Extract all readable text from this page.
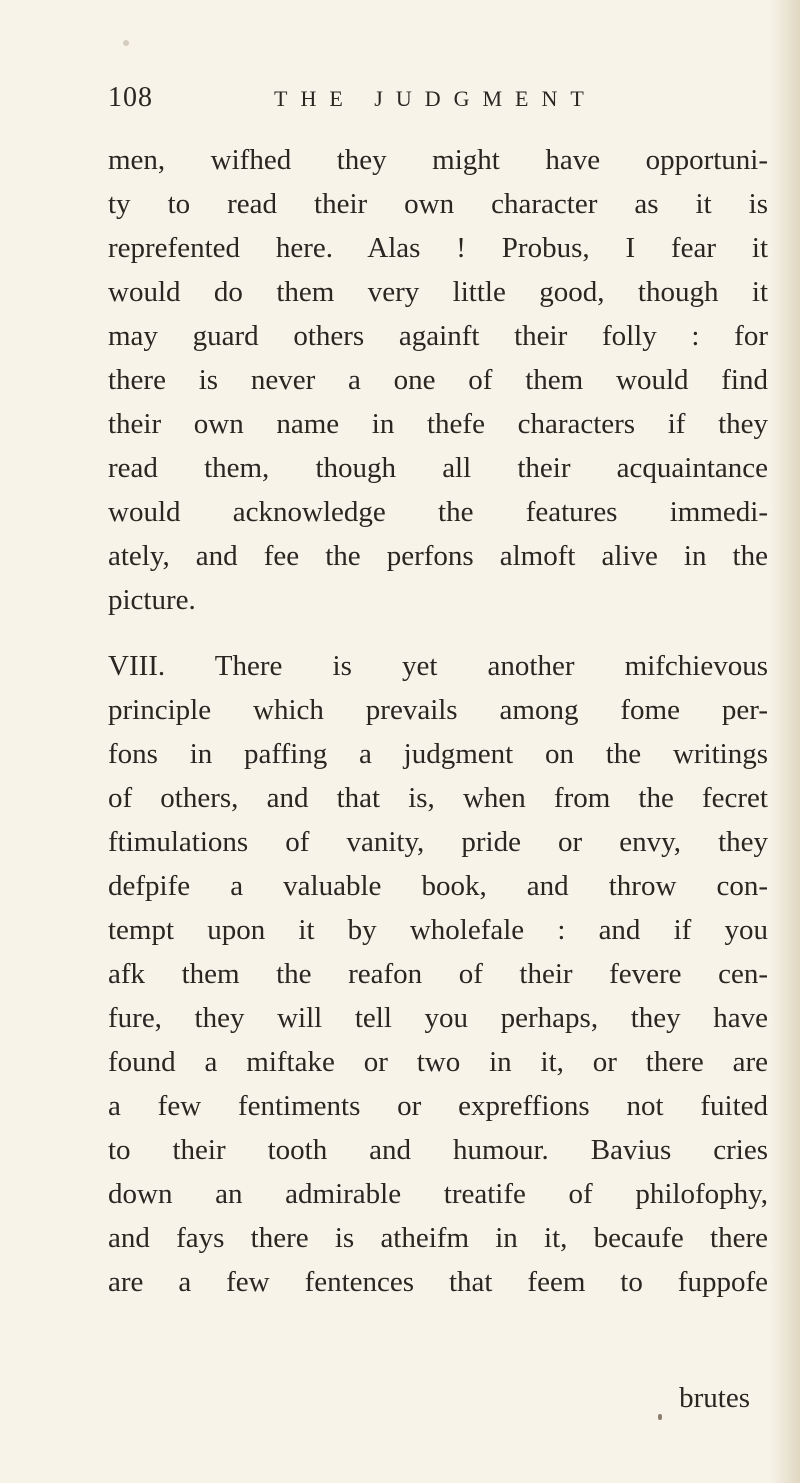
108	THE JUDGMENT
men, wifhed they might have opportuni-
ty to read their own character as it is
reprefented here. Alas ! Probus, I fear it
would do them very little good, though it
may guard others againft their folly : for
there is never a one of them would find
their own name in thefe characters if they
read them, though all their acquaintance
would acknowledge the features immedi-
ately, and fee the perfons almoft alive in the
picture.
VIII. There is yet another mifchievous
principle which prevails among fome per-
fons in paffing a judgment on the writings
of others, and that is, when from the fecret
ftimulations of vanity, pride or envy, they
defpife a valuable book, and throw con-
tempt upon it by wholefale : and if you
afk them the reafon of their fevere cen-
fure, they will tell you perhaps, they have
found a miftake or two in it, or there are
a few fentiments or expreffions not fuited
to their tooth and humour. Bavius cries
down an admirable treatife of philofophy,
and fays there is atheifm in it, becaufe there
are a few fentences that feem to fuppofe
brutes
